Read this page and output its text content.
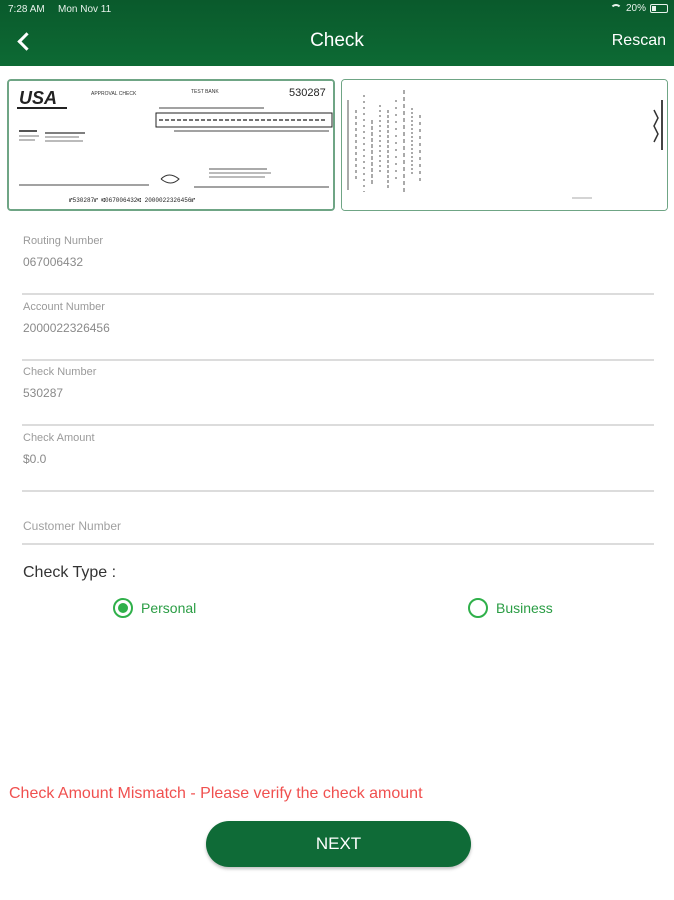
7:28 AM Mon Nov 11	20%
Check	Rescan
USA	APPROVAL CHECK	TEST BANK	530287
⑈530287⑈ ⑆067006432⑆ 2000022326456⑈
Routing Number
067006432
Account Number
2000022326456
Check Number
530287
Check Amount
$0.0
Customer Number
Check Type :
Personal	Business
Check Amount Mismatch - Please verify the check amount
NEXT
